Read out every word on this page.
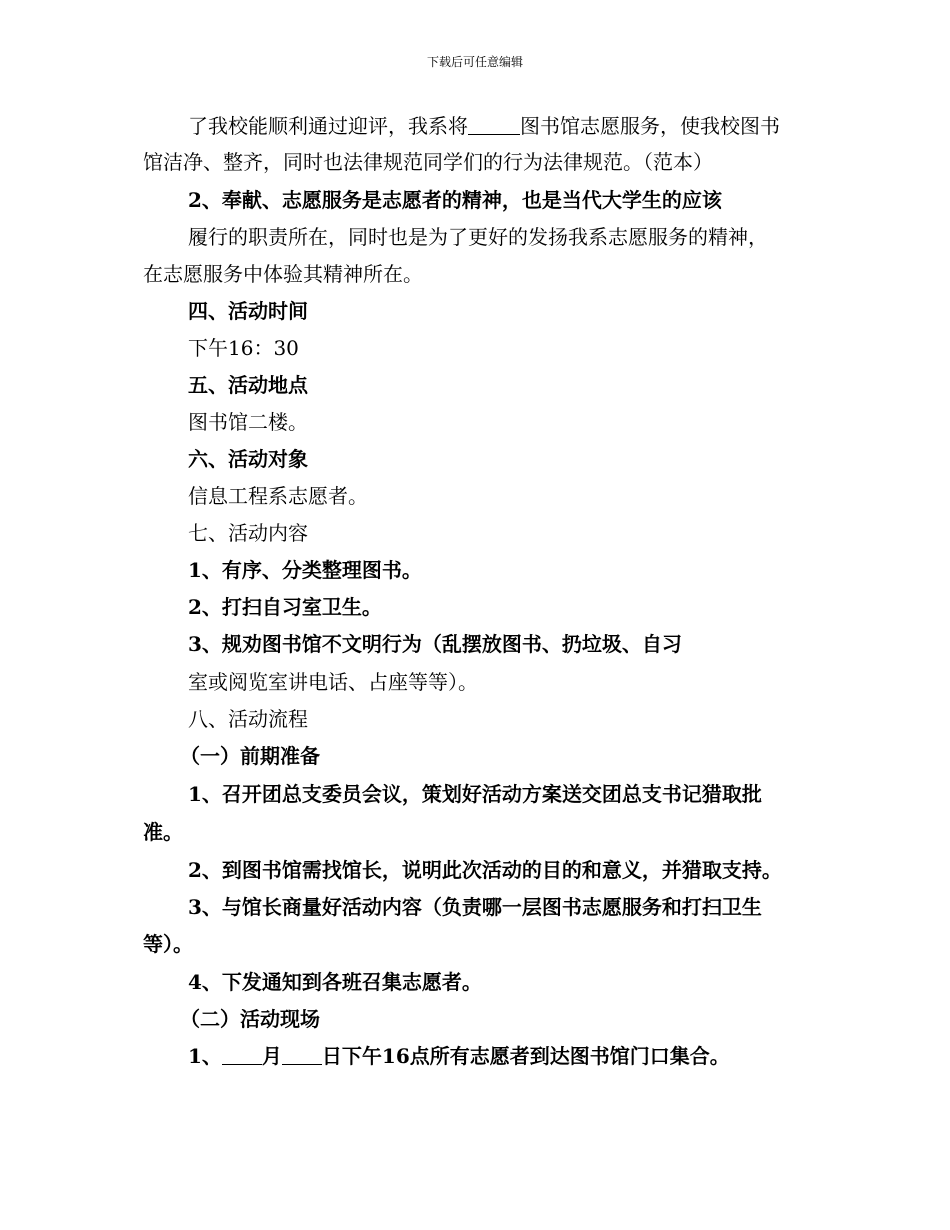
下载后可任意编辑
了我校能顺利通过迎评，我系将	图书馆志愿服务，使我校图书
馆洁净、整齐，同时也法律规范同学们的行为法律规范。（范本）
2、奉献、志愿服务是志愿者的精神，也是当代大学生的应该
履行的职责所在，同时也是为了更好的发扬我系志愿服务的精神，
在志愿服务中体验其精神所在。
四、活动时间
下午16：30
五、活动地点
图书馆二楼。
六、活动对象
信息工程系志愿者。
七、活动内容
1、有序、分类整理图书。
2、打扫自习室卫生。
3、规劝图书馆不文明行为（乱摆放图书、扔垃圾、自习
室或阅览室讲电话、占座等等）。
八、活动流程
（一）前期准备
1、召开团总支委员会议，策划好活动方案送交团总支书记猎取批
准。
2、到图书馆需找馆长，说明此次活动的目的和意义，并猎取支持。
3、与馆长商量好活动内容（负责哪一层图书志愿服务和打扫卫生
等）。
4、下发通知到各班召集志愿者。
（二）活动现场
1、 月 日下午16点所有志愿者到达图书馆门口集合。
